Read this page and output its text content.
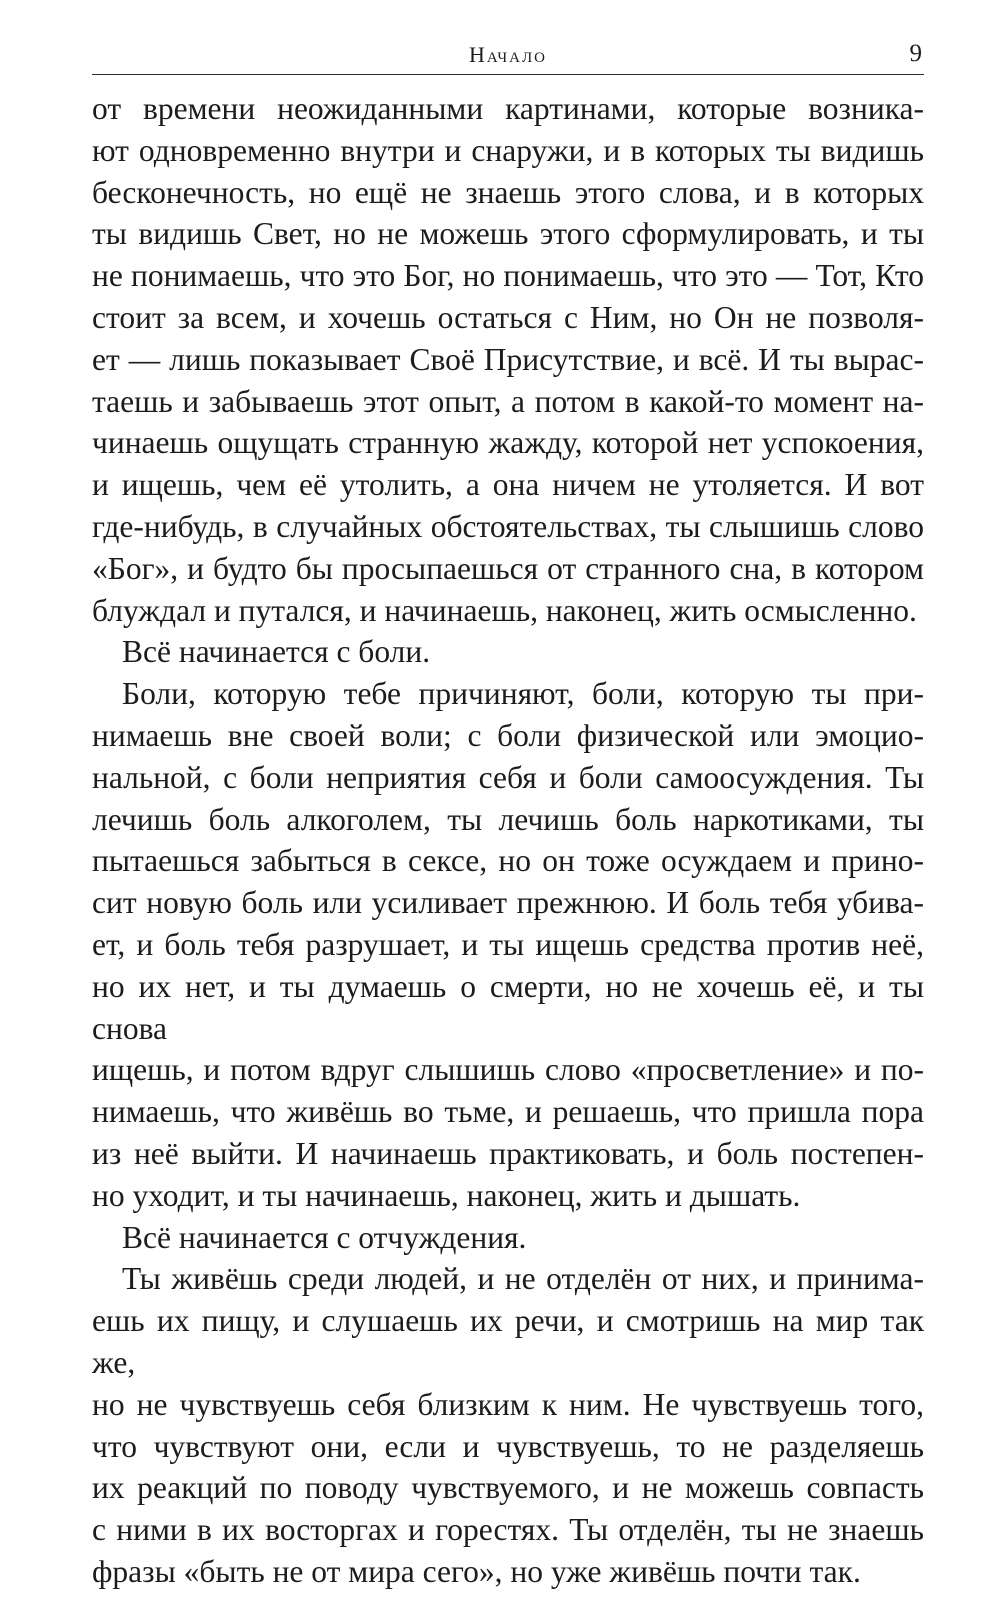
Начало	9

от времени неожиданными картинами, которые возника-

ют одновременно внутри и снаружи, и в которых ты видишь

бесконечность, но ещё не знаешь этого слова, и в которых

ты видишь Свет, но не можешь этого сформулировать, и ты

не понимаешь, что это Бог, но понимаешь, что это — Тот, Кто

стоит за всем, и хочешь остаться с Ним, но Он не позволя-

ет — лишь показывает Своё Присутствие, и всё. И ты вырас-

таешь и забываешь этот опыт, а потом в какой-то момент на-

чинаешь ощущать странную жажду, которой нет успокоения,

и ищешь, чем её утолить, а она ничем не утоляется. И вот

где-нибудь, в случайных обстоятельствах, ты слышишь слово

«Бог», и будто бы просыпаешься от странного сна, в котором

блуждал и путался, и начинаешь, наконец, жить осмысленно.

Всё начинается с боли.

Боли, которую тебе причиняют, боли, которую ты при-

нимаешь вне своей воли; с боли физической или эмоцио-

нальной, с боли неприятия себя и боли самоосуждения. Ты

лечишь боль алкоголем, ты лечишь боль наркотиками, ты

пытаешься забыться в сексе, но он тоже осуждаем и прино-

сит новую боль или усиливает прежнюю. И боль тебя убива-

ет, и боль тебя разрушает, и ты ищешь средства против неё,

но их нет, и ты думаешь о смерти, но не хочешь её, и ты снова

ищешь, и потом вдруг слышишь слово «просветление» и по-

нимаешь, что живёшь во тьме, и решаешь, что пришла пора

из неё выйти. И начинаешь практиковать, и боль постепен-

но уходит, и ты начинаешь, наконец, жить и дышать.

Всё начинается с отчуждения.

Ты живёшь среди людей, и не отделён от них, и принима-

ешь их пищу, и слушаешь их речи, и смотришь на мир так же,

но не чувствуешь себя близким к ним. Не чувствуешь того,

что чувствуют они, если и чувствуешь, то не разделяешь

их реакций по поводу чувствуемого, и не можешь совпасть

с ними в их восторгах и горестях. Ты отделён, ты не знаешь

фразы «быть не от мира сего», но уже живёшь почти так.
